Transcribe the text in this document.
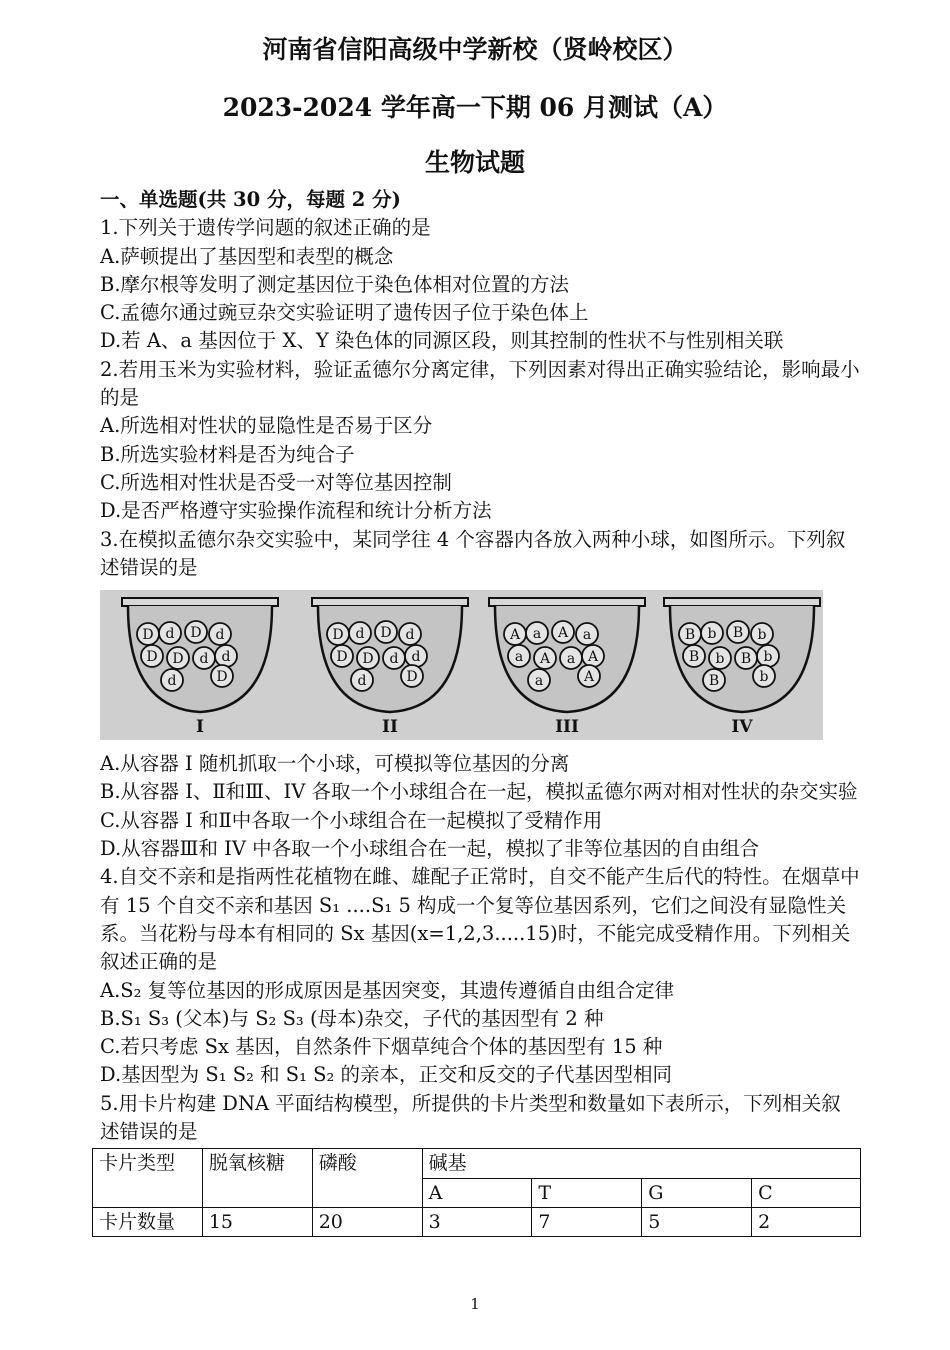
河南省信阳高级中学新校（贤岭校区）
2023-2024 学年高一下期 06 月测试（A）
生物试题

一、单选题(共 30 分，每题 2 分)

1.下列关于遗传学问题的叙述正确的是

A.萨顿提出了基因型和表型的概念

B.摩尔根等发明了测定基因位于染色体相对位置的方法

C.孟德尔通过豌豆杂交实验证明了遗传因子位于染色体上

D.若 A、a 基因位于 X、Y 染色体的同源区段，则其控制的性状不与性别相关联

2.若用玉米为实验材料，验证孟德尔分离定律，下列因素对得出正确实验结论，影响最小的是

A.所选相对性状的显隐性是否易于区分

B.所选实验材料是否为纯合子

C.所选相对性状是否受一对等位基因控制

D.是否严格遵守实验操作流程和统计分析方法

3.在模拟孟德尔杂交实验中，某同学往 4 个容器内各放入两种小球，如图所示。下列叙述错误的是

D d D d
d
D D d
D
d
I
D d D d
d
D D d
D
d
II
A a A a
A
a A a
A
a
III
B b B b
b
B b B
b
B
IV

A.从容器 I 随机抓取一个小球，可模拟等位基因的分离

B.从容器 I、Ⅱ和Ⅲ、IV 各取一个小球组合在一起，模拟孟德尔两对相对性状的杂交实验

C.从容器 I 和Ⅱ中各取一个小球组合在一起模拟了受精作用

D.从容器Ⅲ和 IV 中各取一个小球组合在一起，模拟了非等位基因的自由组合

4.自交不亲和是指两性花植物在雌、雄配子正常时，自交不能产生后代的特性。在烟草中有 15 个自交不亲和基因 S₁ ....S₁ 5 构成一个复等位基因系列，它们之间没有显隐性关系。当花粉与母本有相同的 Sx 基因(x=1,2,3.....15)时，不能完成受精作用。下列相关叙述正确的是

A.S₂ 复等位基因的形成原因是基因突变，其遗传遵循自由组合定律

B.S₁ S₃ (父本)与 S₂ S₃ (母本)杂交，子代的基因型有 2 种

C.若只考虑 Sx 基因，自然条件下烟草纯合个体的基因型有 15 种

D.基因型为 S₁ S₂ 和 S₁ S₂ 的亲本，正交和反交的子代基因型相同

5.用卡片构建 DNA 平面结构模型，所提供的卡片类型和数量如下表所示，下列相关叙述错误的是

卡片类型	脱氧核糖	磷酸	碱基			
			A	T	G	C
卡片数量	15	20	3	7	5	2
1
